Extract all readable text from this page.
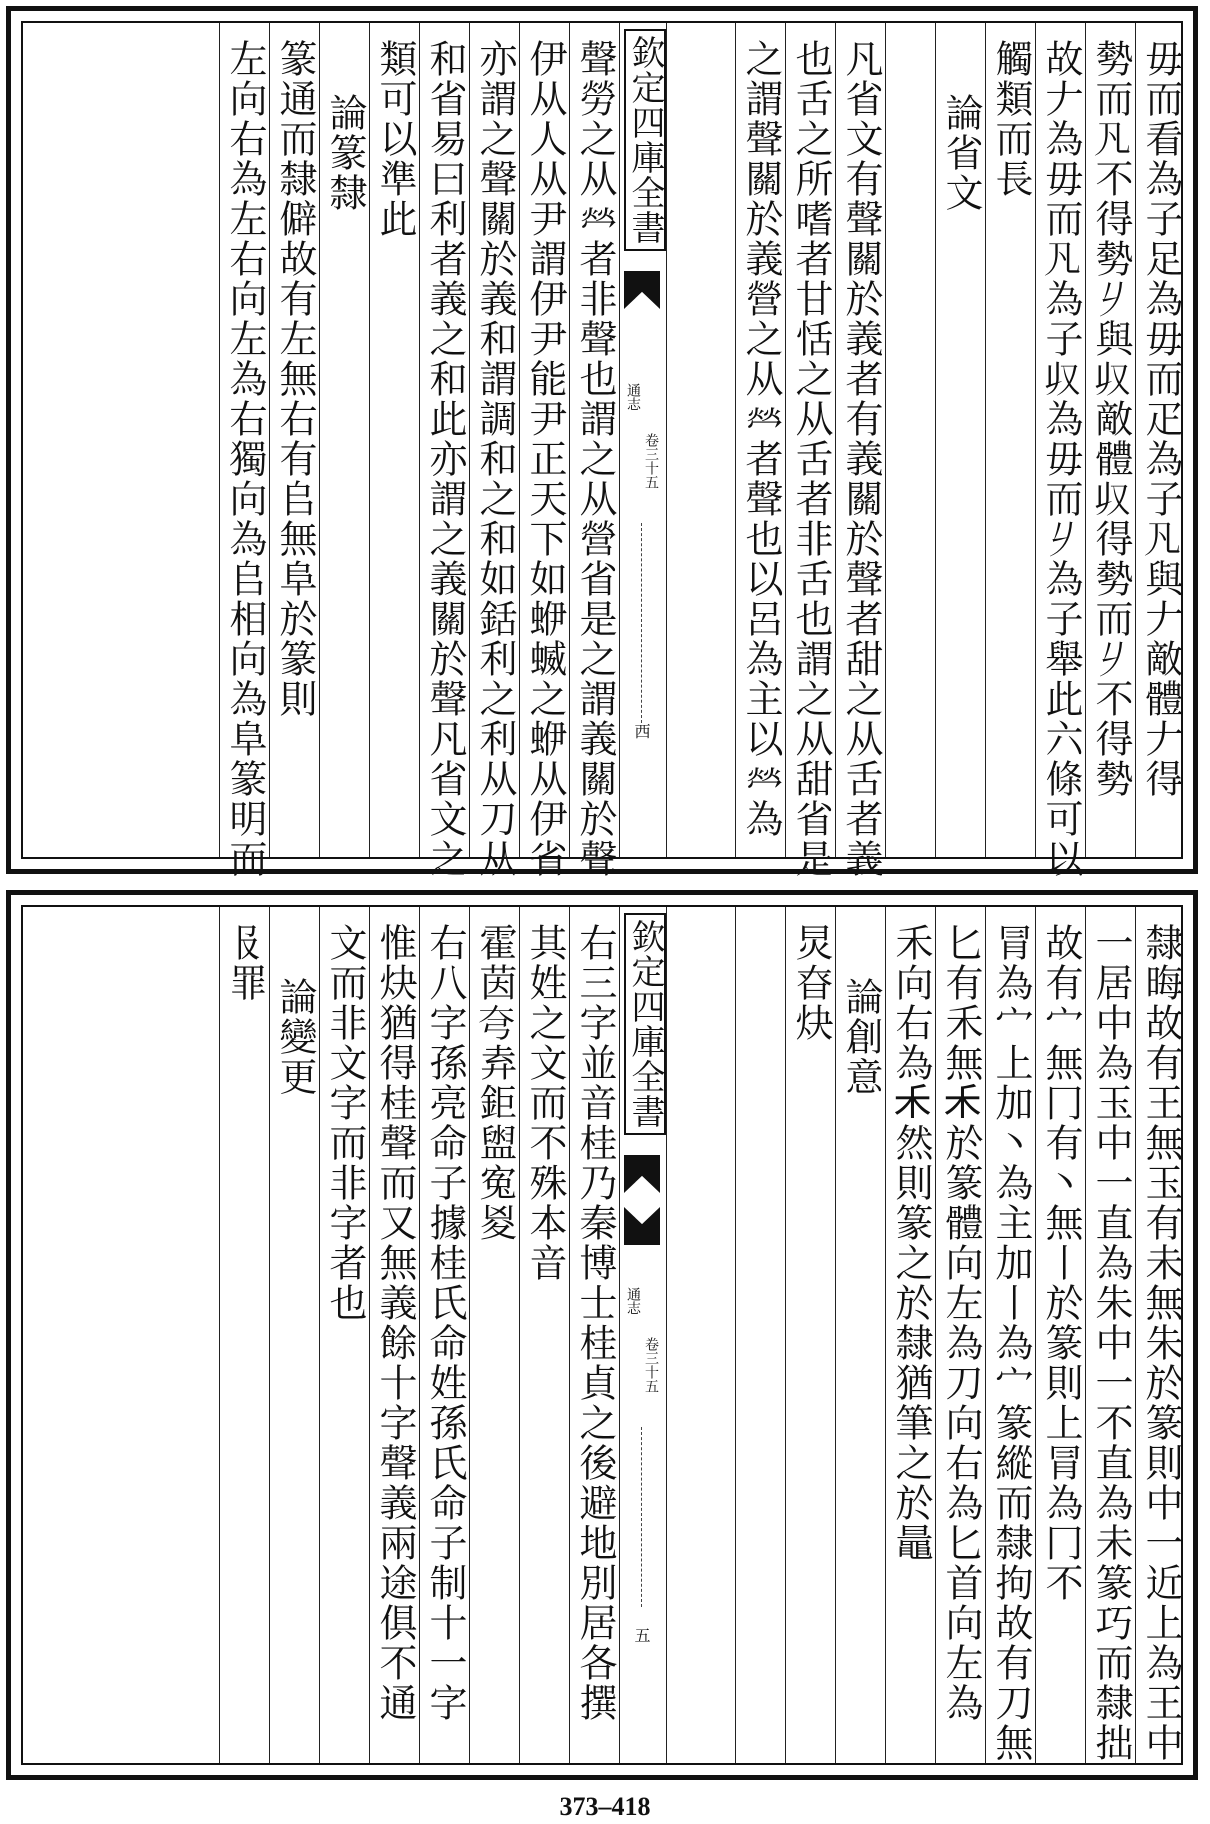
毋而看為子足為毋而疋為子𠁽與𠂇敵體𠂇得
勢而𠁽不得勢𠂈與𠬞敵體𠬞得勢而𠂈不得勢
故𠂇為毋而𠁽為子𠬞為毋而𠂈為子舉此六條可以
觸類而長
論省文
凡省文有聲關於義者有義關於聲者甜之从舌者義
也舌之所嗜者甘恬之从舌者非舌也謂之从甜省是
之謂聲關於義營之从𤇾者聲也以呂為主以𤇾為
欽定四庫全書
通志
卷三十五
西
聲勞之从𤇾者非聲也謂之从營省是之謂義關於聲
伊从人从尹謂伊尹能尹正天下如蛜蝛之蛜从伊省
亦謂之聲關於義和謂調和之和如銛利之利从刀从
和省易曰利者義之和此亦謂之義關於聲凡省文之
類可以準此
論篆隸
篆通而隸僻故有左無右有𠂤無阜於篆則
左向右為左右向左為右獨向為𠂤相向為阜篆明而
隸晦故有王無玉有未無朱於篆則中一近上為王中
一居中為玉中一直為朱中一不直為未篆巧而隸拙
故有宀無冂有丶無丨於篆則上冐為冂不
冐為宀上加丶為主加丨為宀篆縱而隸拘故有刀無
匕有禾無𥝌於篆體向左為刀向右為匕首向左為
禾向右為𥝌然則篆之於隸猶筆之於鼂
論創意
炅昚炔
欽定四庫全書
通志
卷三十五
五
右三字並音桂乃秦博士桂貞之後避地別居各撰
其姓之文而不殊本音
霍茵𡗝弆鉅盥寃㚇
右八字孫亮命子據桂氏命姓孫氏命子制十一字
惟炔猶得桂聲而又無義餘十字聲義兩途俱不通
文而非文字而非字者也
論變更
𠬝罪
373–418
